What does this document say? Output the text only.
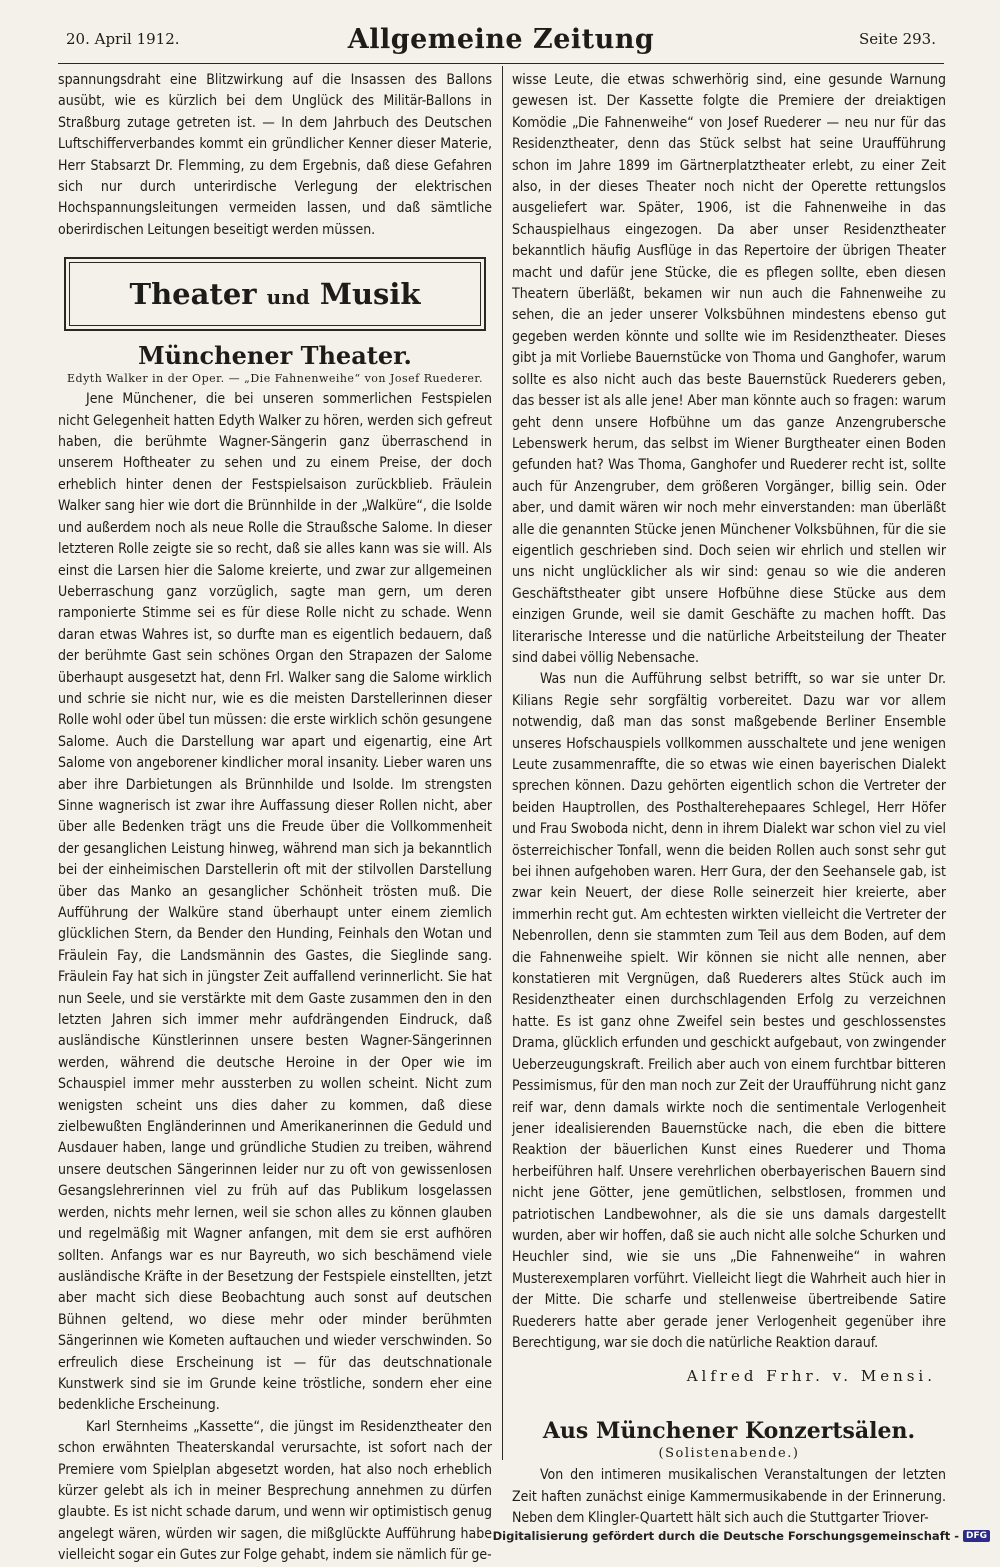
20. April 1912.	Allgemeine Zeitung	Seite 293.

spannungsdraht eine Blitzwirkung auf die Insassen des Ballons ausübt, wie es kürzlich bei dem Unglück des Militär-Ballons in Straßburg zutage getreten ist. — In dem Jahrbuch des Deutschen Luftschifferverbandes kommt ein gründlicher Kenner dieser Materie, Herr Stabsarzt Dr. Flemming, zu dem Ergebnis, daß diese Gefahren sich nur durch unterirdische Verlegung der elektrischen Hochspannungsleitungen vermeiden lassen, und daß sämtliche oberirdischen Leitungen beseitigt werden müssen.

Theater und Musik
Münchener Theater.
Edyth Walker in der Oper. — „Die Fahnenweihe“ von Josef Ruederer.

Jene Münchener, die bei unseren sommerlichen Festspielen nicht Gelegenheit hatten Edyth Walker zu hören, werden sich gefreut haben, die berühmte Wagner-Sängerin ganz überraschend in unserem Hoftheater zu sehen und zu einem Preise, der doch erheblich hinter denen der Festspielsaison zurückblieb. Fräulein Walker sang hier wie dort die Brünnhilde in der „Walküre“, die Isolde und außerdem noch als neue Rolle die Straußsche Salome. In dieser letzteren Rolle zeigte sie so recht, daß sie alles kann was sie will. Als einst die Larsen hier die Salome kreierte, und zwar zur allgemeinen Ueberraschung ganz vorzüglich, sagte man gern, um deren ramponierte Stimme sei es für diese Rolle nicht zu schade. Wenn daran etwas Wahres ist, so durfte man es eigentlich bedauern, daß der berühmte Gast sein schönes Organ den Strapazen der Salome überhaupt ausgesetzt hat, denn Frl. Walker sang die Salome wirklich und schrie sie nicht nur, wie es die meisten Darstellerinnen dieser Rolle wohl oder übel tun müssen: die erste wirklich schön gesungene Salome. Auch die Darstellung war apart und eigenartig, eine Art Salome von angeborener kindlicher moral insanity. Lieber waren uns aber ihre Darbietungen als Brünnhilde und Isolde. Im strengsten Sinne wagnerisch ist zwar ihre Auffassung dieser Rollen nicht, aber über alle Bedenken trägt uns die Freude über die Vollkommenheit der gesanglichen Leistung hinweg, während man sich ja bekanntlich bei der einheimischen Darstellerin oft mit der stilvollen Darstellung über das Manko an gesanglicher Schönheit trösten muß. Die Aufführung der Walküre stand überhaupt unter einem ziemlich glücklichen Stern, da Bender den Hunding, Feinhals den Wotan und Fräulein Fay, die Landsmännin des Gastes, die Sieglinde sang. Fräulein Fay hat sich in jüngster Zeit auffallend verinnerlicht. Sie hat nun Seele, und sie verstärkte mit dem Gaste zusammen den in den letzten Jahren sich immer mehr aufdrängenden Eindruck, daß ausländische Künstlerinnen unsere besten Wagner-Sängerinnen werden, während die deutsche Heroine in der Oper wie im Schauspiel immer mehr aussterben zu wollen scheint. Nicht zum wenigsten scheint uns dies daher zu kommen, daß diese zielbewußten Engländerinnen und Amerikanerinnen die Geduld und Ausdauer haben, lange und gründliche Studien zu treiben, während unsere deutschen Sängerinnen leider nur zu oft von gewissenlosen Gesangslehrerinnen viel zu früh auf das Publikum losgelassen werden, nichts mehr lernen, weil sie schon alles zu können glauben und regelmäßig mit Wagner anfangen, mit dem sie erst aufhören sollten. Anfangs war es nur Bayreuth, wo sich beschämend viele ausländische Kräfte in der Besetzung der Festspiele einstellten, jetzt aber macht sich diese Beobachtung auch sonst auf deutschen Bühnen geltend, wo diese mehr oder minder berühmten Sängerinnen wie Kometen auftauchen und wieder verschwinden. So erfreulich diese Erscheinung ist — für das deutschnationale Kunstwerk sind sie im Grunde keine tröstliche, sondern eher eine bedenkliche Erscheinung.

Karl Sternheims „Kassette“, die jüngst im Residenztheater den schon erwähnten Theaterskandal verursachte, ist sofort nach der Premiere vom Spielplan abgesetzt worden, hat also noch erheblich kürzer gelebt als ich in meiner Besprechung annehmen zu dürfen glaubte. Es ist nicht schade darum, und wenn wir optimistisch genug angelegt wären, würden wir sagen, die mißglückte Aufführung habe vielleicht sogar ein Gutes zur Folge gehabt, indem sie nämlich für ge-

wisse Leute, die etwas schwerhörig sind, eine gesunde Warnung gewesen ist. Der Kassette folgte die Premiere der dreiaktigen Komödie „Die Fahnenweihe“ von Josef Ruederer — neu nur für das Residenztheater, denn das Stück selbst hat seine Uraufführung schon im Jahre 1899 im Gärtnerplatztheater erlebt, zu einer Zeit also, in der dieses Theater noch nicht der Operette rettungslos ausgeliefert war. Später, 1906, ist die Fahnenweihe in das Schauspielhaus eingezogen. Da aber unser Residenztheater bekanntlich häufig Ausflüge in das Repertoire der übrigen Theater macht und dafür jene Stücke, die es pflegen sollte, eben diesen Theatern überläßt, bekamen wir nun auch die Fahnenweihe zu sehen, die an jeder unserer Volksbühnen mindestens ebenso gut gegeben werden könnte und sollte wie im Residenztheater. Dieses gibt ja mit Vorliebe Bauernstücke von Thoma und Ganghofer, warum sollte es also nicht auch das beste Bauernstück Ruederers geben, das besser ist als alle jene! Aber man könnte auch so fragen: warum geht denn unsere Hofbühne um das ganze Anzengrubersche Lebenswerk herum, das selbst im Wiener Burgtheater einen Boden gefunden hat? Was Thoma, Ganghofer und Ruederer recht ist, sollte auch für Anzengruber, dem größeren Vorgänger, billig sein. Oder aber, und damit wären wir noch mehr einverstanden: man überläßt alle die genannten Stücke jenen Münchener Volksbühnen, für die sie eigentlich geschrieben sind. Doch seien wir ehrlich und stellen wir uns nicht unglücklicher als wir sind: genau so wie die anderen Geschäftstheater gibt unsere Hofbühne diese Stücke aus dem einzigen Grunde, weil sie damit Geschäfte zu machen hofft. Das literarische Interesse und die natürliche Arbeitsteilung der Theater sind dabei völlig Nebensache.

Was nun die Aufführung selbst betrifft, so war sie unter Dr. Kilians Regie sehr sorgfältig vorbereitet. Dazu war vor allem notwendig, daß man das sonst maßgebende Berliner Ensemble unseres Hofschauspiels vollkommen ausschaltete und jene wenigen Leute zusammenraffte, die so etwas wie einen bayerischen Dialekt sprechen können. Dazu gehörten eigentlich schon die Vertreter der beiden Hauptrollen, des Posthalterehepaares Schlegel, Herr Höfer und Frau Swoboda nicht, denn in ihrem Dialekt war schon viel zu viel österreichischer Tonfall, wenn die beiden Rollen auch sonst sehr gut bei ihnen aufgehoben waren. Herr Gura, der den Seehansele gab, ist zwar kein Neuert, der diese Rolle seinerzeit hier kreierte, aber immerhin recht gut. Am echtesten wirkten vielleicht die Vertreter der Nebenrollen, denn sie stammten zum Teil aus dem Boden, auf dem die Fahnenweihe spielt. Wir können sie nicht alle nennen, aber konstatieren mit Vergnügen, daß Ruederers altes Stück auch im Residenztheater einen durchschlagenden Erfolg zu verzeichnen hatte. Es ist ganz ohne Zweifel sein bestes und geschlossenstes Drama, glücklich erfunden und geschickt aufgebaut, von zwingender Ueberzeugungskraft. Freilich aber auch von einem furchtbar bitteren Pessimismus, für den man noch zur Zeit der Uraufführung nicht ganz reif war, denn damals wirkte noch die sentimentale Verlogenheit jener idealisierenden Bauernstücke nach, die eben die bittere Reaktion der bäuerlichen Kunst eines Ruederer und Thoma herbeiführen half. Unsere verehrlichen oberbayerischen Bauern sind nicht jene Götter, jene gemütlichen, selbstlosen, frommen und patriotischen Landbewohner, als die sie uns damals dargestellt wurden, aber wir hoffen, daß sie auch nicht alle solche Schurken und Heuchler sind, wie sie uns „Die Fahnenweihe“ in wahren Musterexemplaren vorführt. Vielleicht liegt die Wahrheit auch hier in der Mitte. Die scharfe und stellenweise übertreibende Satire Ruederers hatte aber gerade jener Verlogenheit gegenüber ihre Berechtigung, war sie doch die natürliche Reaktion darauf.

Alfred Frhr. v. Mensi.
Aus Münchener Konzertsälen.
(Solistenabende.)

Von den intimeren musikalischen Veranstaltungen der letzten Zeit haften zunächst einige Kammermusikabende in der Erinnerung. Neben dem Klingler-Quartett hält sich auch die Stuttgarter Triover-

Digitalisierung gefördert durch die Deutsche Forschungsgemeinschaft - DFG
